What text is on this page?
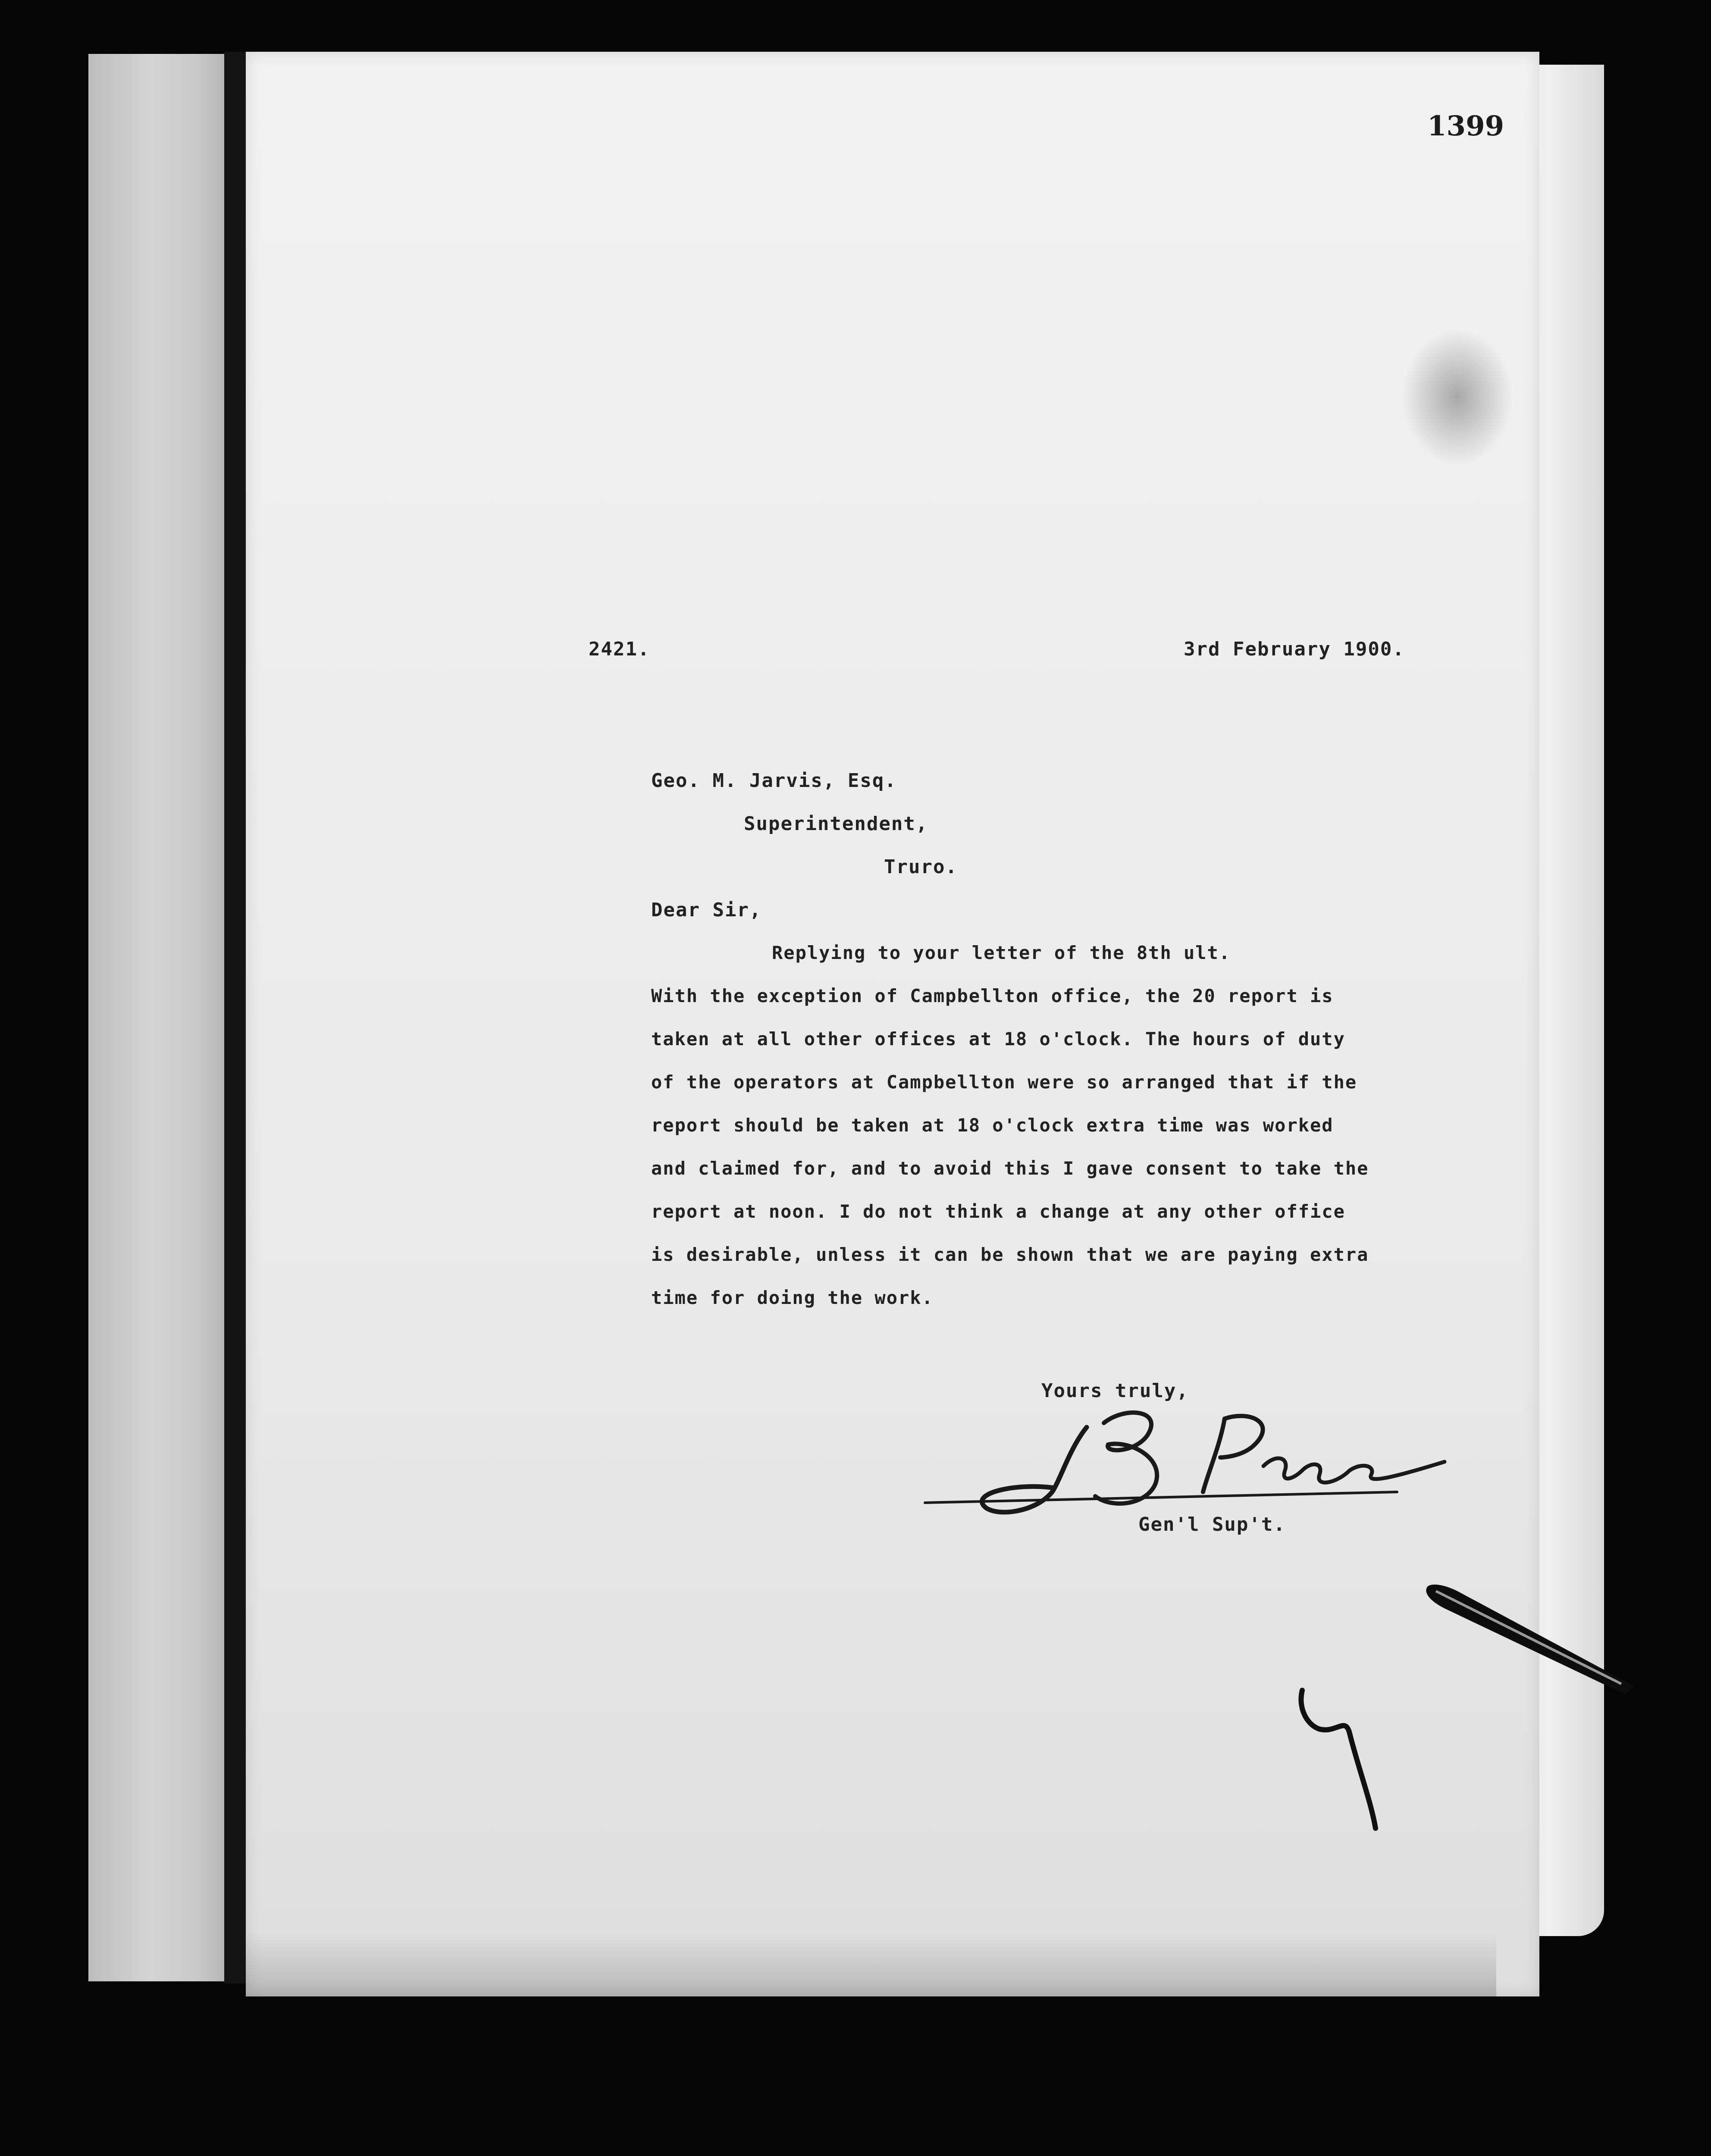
1399
2421.	3rd February 1900.
Geo. M. Jarvis, Esq.
Superintendent,
Truro.
Dear Sir,
Replying to your letter of the 8th ult.
With the exception of Campbellton office, the 20 report is
taken at all other offices at 18 o'clock. The hours of duty
of the operators at Campbellton were so arranged that if the
report should be taken at 18 o'clock extra time was worked
and claimed for, and to avoid this I gave consent to take the
report at noon. I do not think a change at any other office
is desirable, unless it can be shown that we are paying extra
time for doing the work.
Yours truly,
Gen'l Sup't.
